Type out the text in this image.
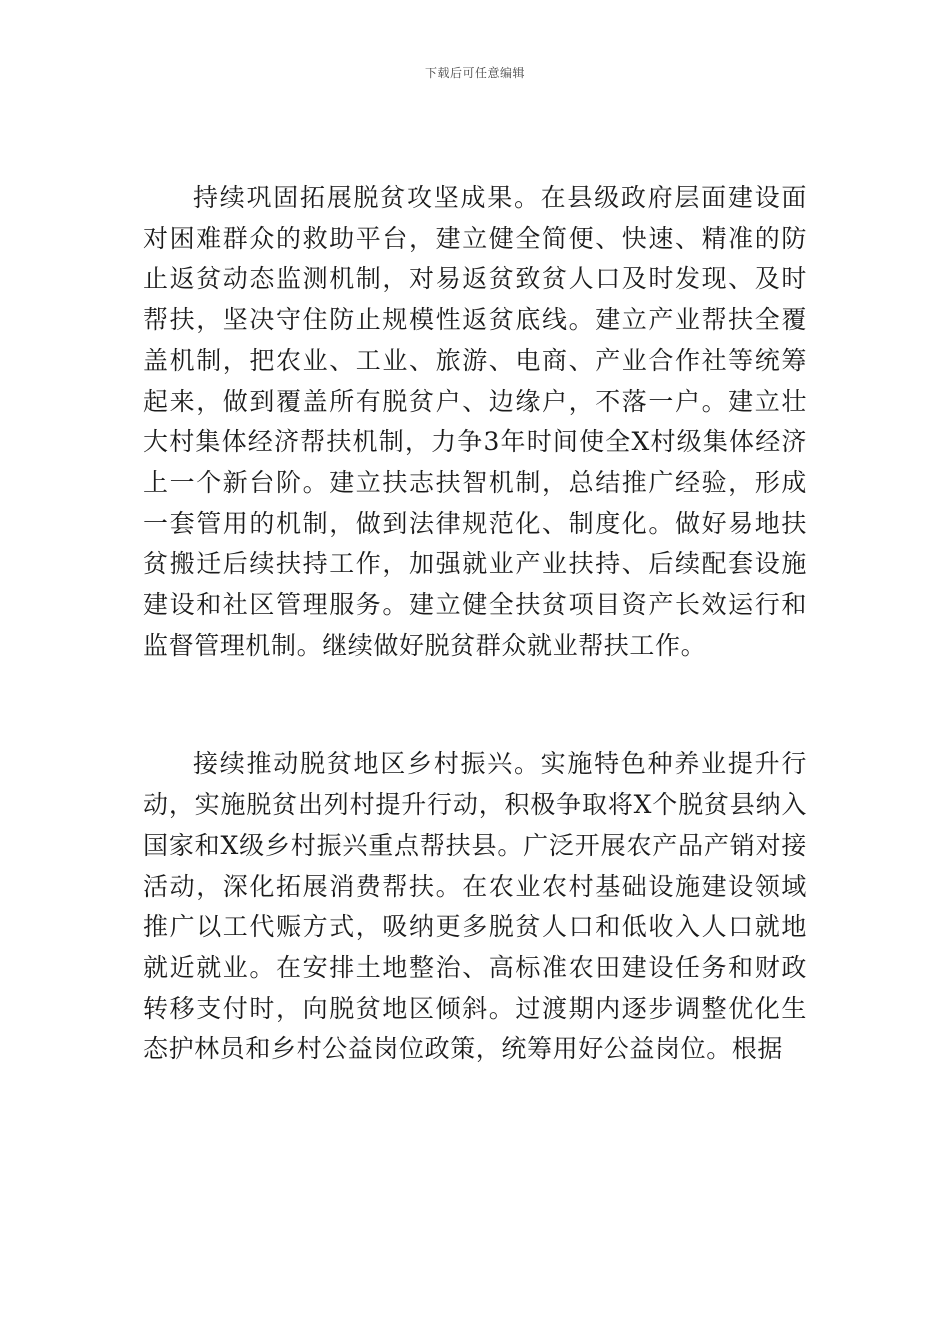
下载后可任意编辑

持续巩固拓展脱贫攻坚成果。在县级政府层面建设面对困难群众的救助平台，建立健全简便、快速、精准的防止返贫动态监测机制，对易返贫致贫人口及时发现、及时帮扶，坚决守住防止规模性返贫底线。建立产业帮扶全覆盖机制，把农业、工业、旅游、电商、产业合作社等统筹起来，做到覆盖所有脱贫户、边缘户，不落一户。建立壮大村集体经济帮扶机制，力争3年时间使全X村级集体经济上一个新台阶。建立扶志扶智机制，总结推广经验，形成一套管用的机制，做到法律规范化、制度化。做好易地扶贫搬迁后续扶持工作，加强就业产业扶持、后续配套设施建设和社区管理服务。建立健全扶贫项目资产长效运行和监督管理机制。继续做好脱贫群众就业帮扶工作。

接续推动脱贫地区乡村振兴。实施特色种养业提升行动，实施脱贫出列村提升行动，积极争取将X个脱贫县纳入国家和X级乡村振兴重点帮扶县。广泛开展农产品产销对接活动，深化拓展消费帮扶。在农业农村基础设施建设领域推广以工代赈方式，吸纳更多脱贫人口和低收入人口就地就近就业。在安排土地整治、高标准农田建设任务和财政转移支付时，向脱贫地区倾斜。过渡期内逐步调整优化生态护林员和乡村公益岗位政策，统筹用好公益岗位。根据
